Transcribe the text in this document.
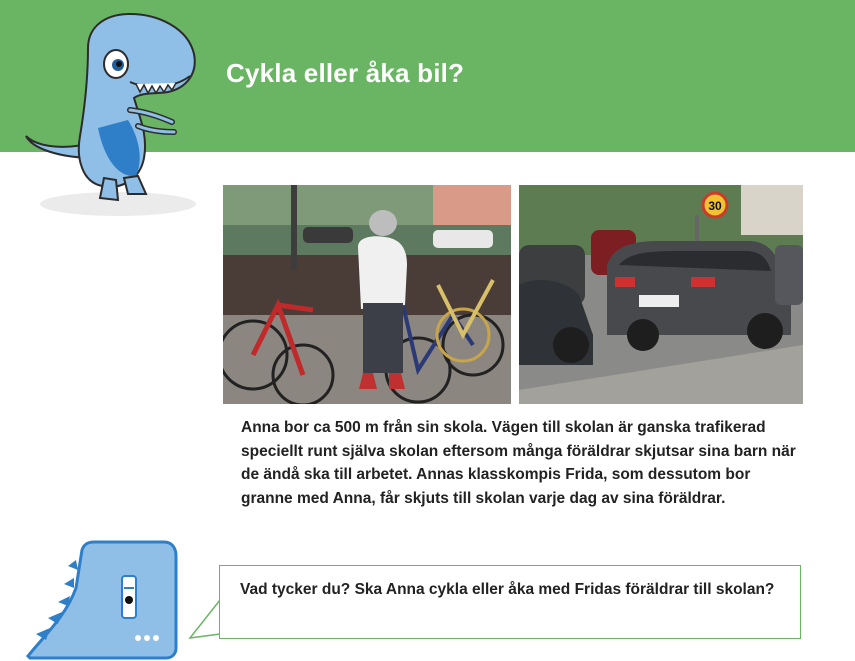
Cykla eller åka bil?
30

Anna bor ca 500 m från sin skola. Vägen till skolan är ganska trafikerad speciellt runt själva skolan eftersom många föräldrar skjutsar sina barn när de ändå ska till arbetet. Annas klasskompis Frida, som dessutom bor granne med Anna, får skjuts till skolan varje dag av sina föräldrar.

Vad tycker du? Ska Anna cykla eller åka med Fridas föräldrar till skolan?
